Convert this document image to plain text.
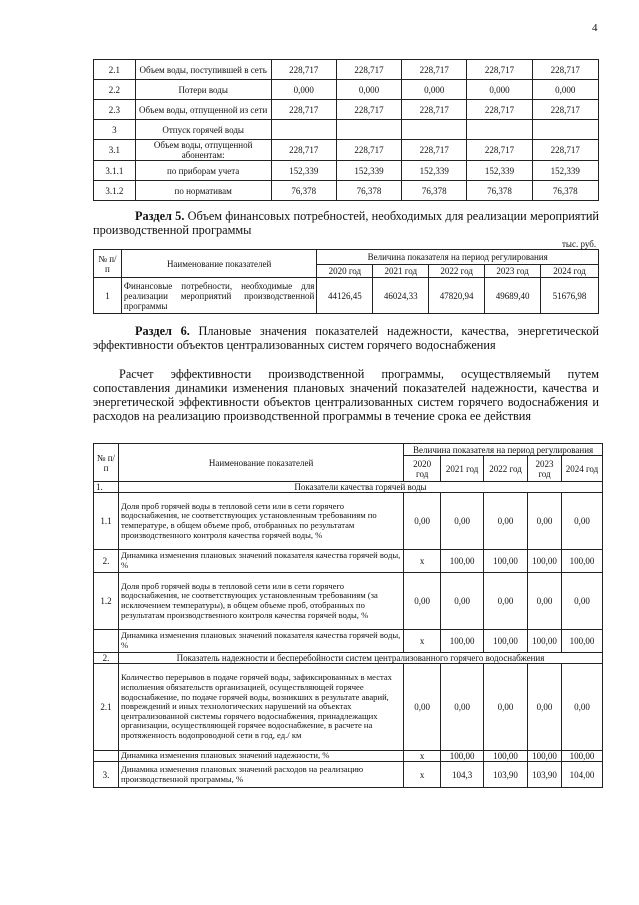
4
2.1	Объем воды, поступившей в сеть	228,717	228,717	228,717	228,717	228,717
2.2	Потери воды	0,000	0,000	0,000	0,000	0,000
2.3	Объем воды, отпущенной из сети	228,717	228,717	228,717	228,717	228,717
3	Отпуск горячей воды					
3.1	Объем воды, отпущенной абонентам:	228,717	228,717	228,717	228,717	228,717
3.1.1	по приборам учета	152,339	152,339	152,339	152,339	152,339
3.1.2	по нормативам	76,378	76,378	76,378	76,378	76,378
Раздел 5. Объем финансовых потребностей, необходимых для реализации мероприятий производственной программы
тыс. руб.
№ п/п	Наименование показателей	Величина показателя на период регулирования				
		2020 год	2021 год	2022 год	2023 год	2024 год
1	Финансовые потребности, необходимые для реализации мероприятий производственной программы	44126,45	46024,33	47820,94	49689,40	51676,98
Раздел 6. Плановые значения показателей надежности, качества, энергетической эффективности объектов централизованных систем горячего водоснабжения
Расчет эффективности производственной программы, осуществляемый путем сопоставления динамики изменения плановых значений показателей надежности, качества и энергетической эффективности объектов централизованных систем горячего водоснабжения и расходов на реализацию производственной программы в течение срока ее действия
№ п/п	Наименование показателей	Величина показателя на период регулирования				
		2020 год	2021 год	2022 год	2023 год	2024 год
1.	Показатели качества горячей воды					
1.1	Доля проб горячей воды в тепловой сети или в сети горячего водоснабжения, не соответствующих установленным требованиям по температуре, в общем объеме проб, отобранных по результатам производственного контроля качества горячей воды, %	0,00	0,00	0,00	0,00	0,00
2.	Динамика изменения плановых значений показателя качества горячей воды, %	х	100,00	100,00	100,00	100,00
1.2	Доля проб горячей воды в тепловой сети или в сети горячего водоснабжения, не соответствующих установленным требованиям (за исключением температуры), в общем объеме проб, отобранных по результатам производственного контроля качества горячей воды, %	0,00	0,00	0,00	0,00	0,00
	Динамика изменения плановых значений показателя качества горячей воды, %	х	100,00	100,00	100,00	100,00
2.	Показатель надежности и бесперебойности систем централизованного горячего водоснабжения					
2.1	Количество перерывов в подаче горячей воды, зафиксированных в местах исполнения обязательств организацией, осуществляющей горячее водоснабжение, по подаче горячей воды, возникших в результате аварий, повреждений и иных технологических нарушений на объектах централизованной системы горячего водоснабжения, принадлежащих организации, осуществляющей горячее водоснабжение, в расчете на протяженность водопроводной сети в год, ед./ км	0,00	0,00	0,00	0,00	0,00
	Динамика изменения плановых значений надежности, %	х	100,00	100,00	100,00	100,00
3.	Динамика изменения плановых значений расходов на реализацию производственной программы, %	х	104,3	103,90	103,90	104,00
